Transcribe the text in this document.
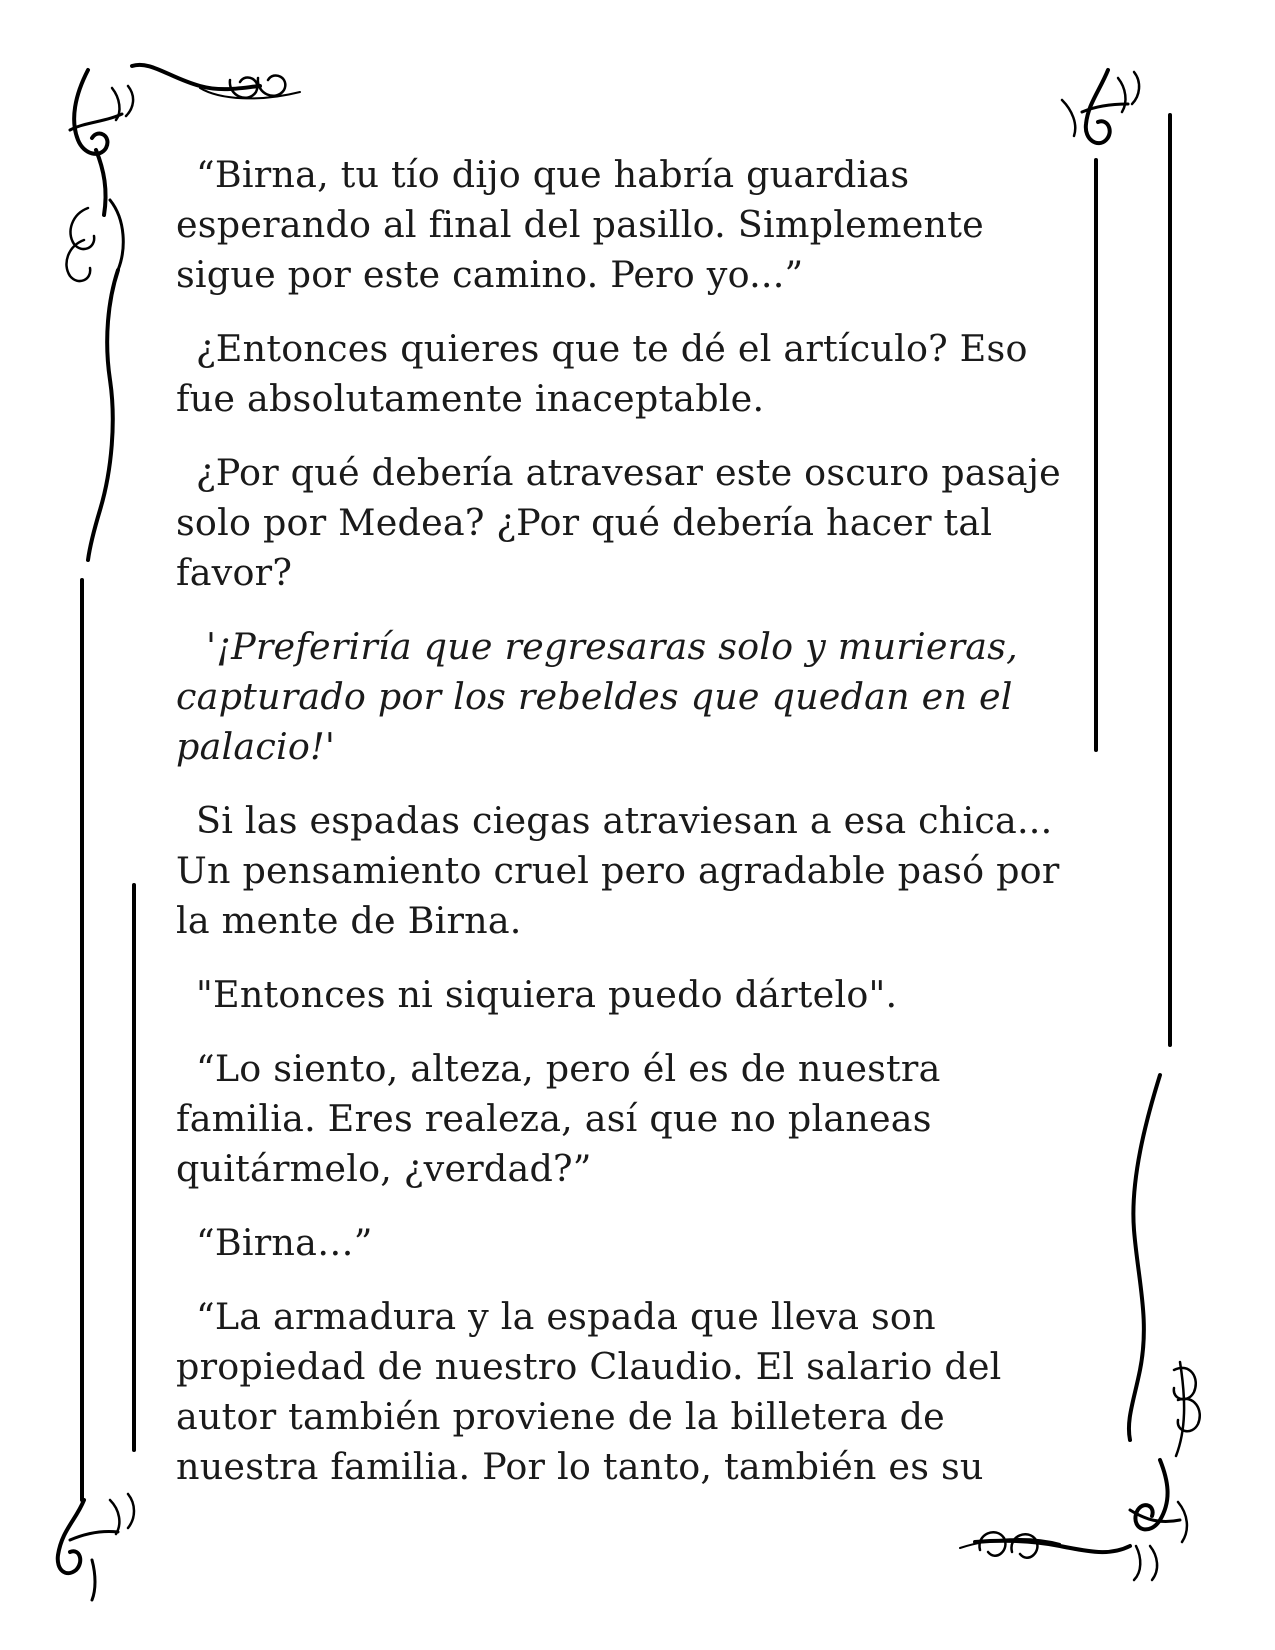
“Birna, tu tío dijo que habría guardias esperando al final del pasillo. Simplemente sigue por este camino. Pero yo...”

¿Entonces quieres que te dé el artículo? Eso fue absolutamente inaceptable.

¿Por qué debería atravesar este oscuro pasaje solo por Medea? ¿Por qué debería hacer tal favor?

'¡Preferiría que regresaras solo y murieras, capturado por los rebeldes que quedan en el palacio!'

Si las espadas ciegas atraviesan a esa chica... Un pensamiento cruel pero agradable pasó por la mente de Birna.

"Entonces ni siquiera puedo dártelo".

“Lo siento, alteza, pero él es de nuestra familia. Eres realeza, así que no planeas quitármelo, ¿verdad?”

“Birna…”

“La armadura y la espada que lleva son propiedad de nuestro Claudio. El salario del autor también proviene de la billetera de nuestra familia. Por lo tanto, también es su
